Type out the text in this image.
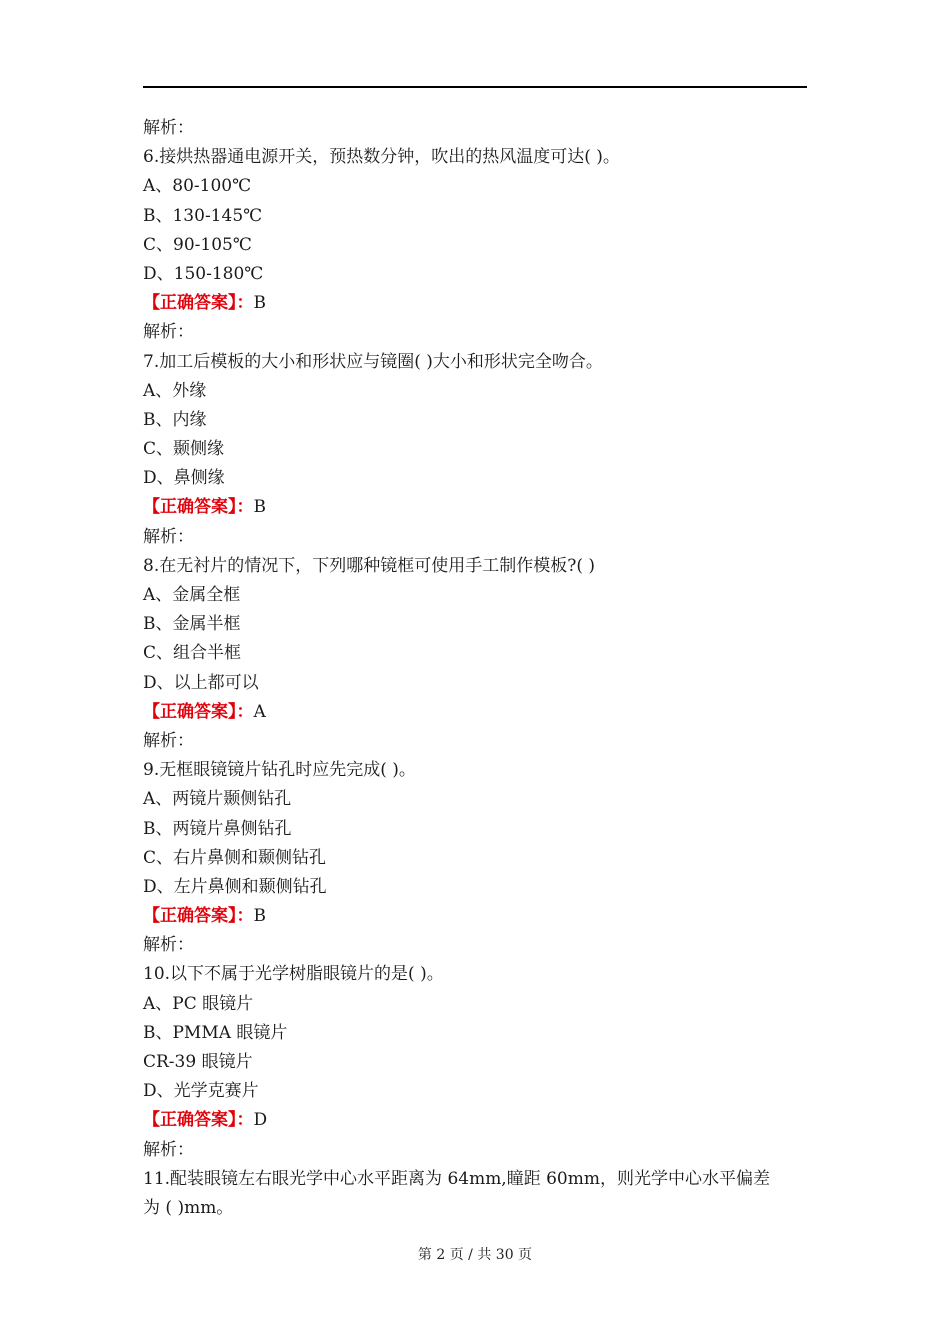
解析：
6.接烘热器通电源开关，预热数分钟，吹出的热风温度可达( )。
A、80-100℃
B、130-145℃
C、90-105℃
D、150-180℃
【正确答案】：B
解析：
7.加工后模板的大小和形状应与镜圈( )大小和形状完全吻合。
A、外缘
B、内缘
C、颞侧缘
D、鼻侧缘
【正确答案】：B
解析：
8.在无衬片的情况下，下列哪种镜框可使用手工制作模板?( )
A、金属全框
B、金属半框
C、组合半框
D、以上都可以
【正确答案】：A
解析：
9.无框眼镜镜片钻孔时应先完成( )。
A、两镜片颞侧钻孔
B、两镜片鼻侧钻孔
C、右片鼻侧和颞侧钻孔
D、左片鼻侧和颞侧钻孔
【正确答案】：B
解析：
10.以下不属于光学树脂眼镜片的是( )。
A、PC 眼镜片
B、PMMA 眼镜片
CR-39 眼镜片
D、光学克赛片
【正确答案】：D
解析：
11.配装眼镜左右眼光学中心水平距离为 64mm,瞳距 60mm，则光学中心水平偏差
为 ( )mm。
第 2 页 / 共 30 页
